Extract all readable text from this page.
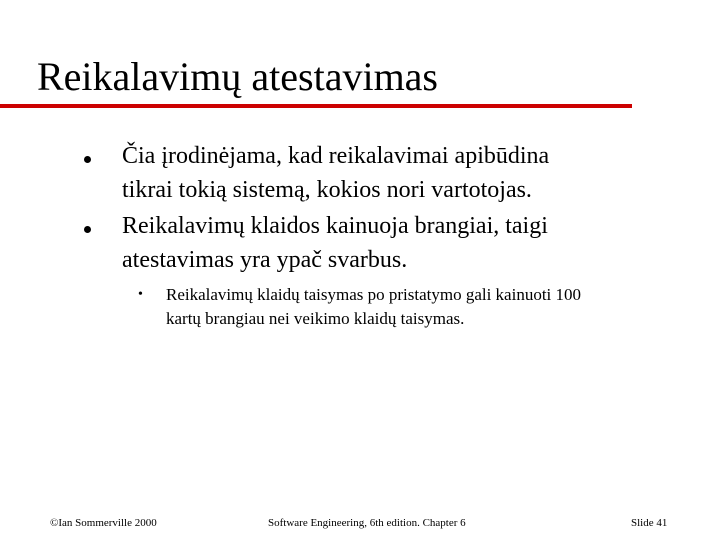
Reikalavimų atestavimas
Čia įrodinėjama, kad reikalavimai apibūdina
tikrai tokią sistemą, kokios nori vartotojas.
Reikalavimų klaidos kainuoja brangiai, taigi
atestavimas yra ypač svarbus.
• Reikalavimų klaidų taisymas po pristatymo gali kainuoti 100
kartų brangiau nei veikimo klaidų taisymas.
©Ian Sommerville 2000	Software Engineering, 6th edition. Chapter 6	Slide 41
